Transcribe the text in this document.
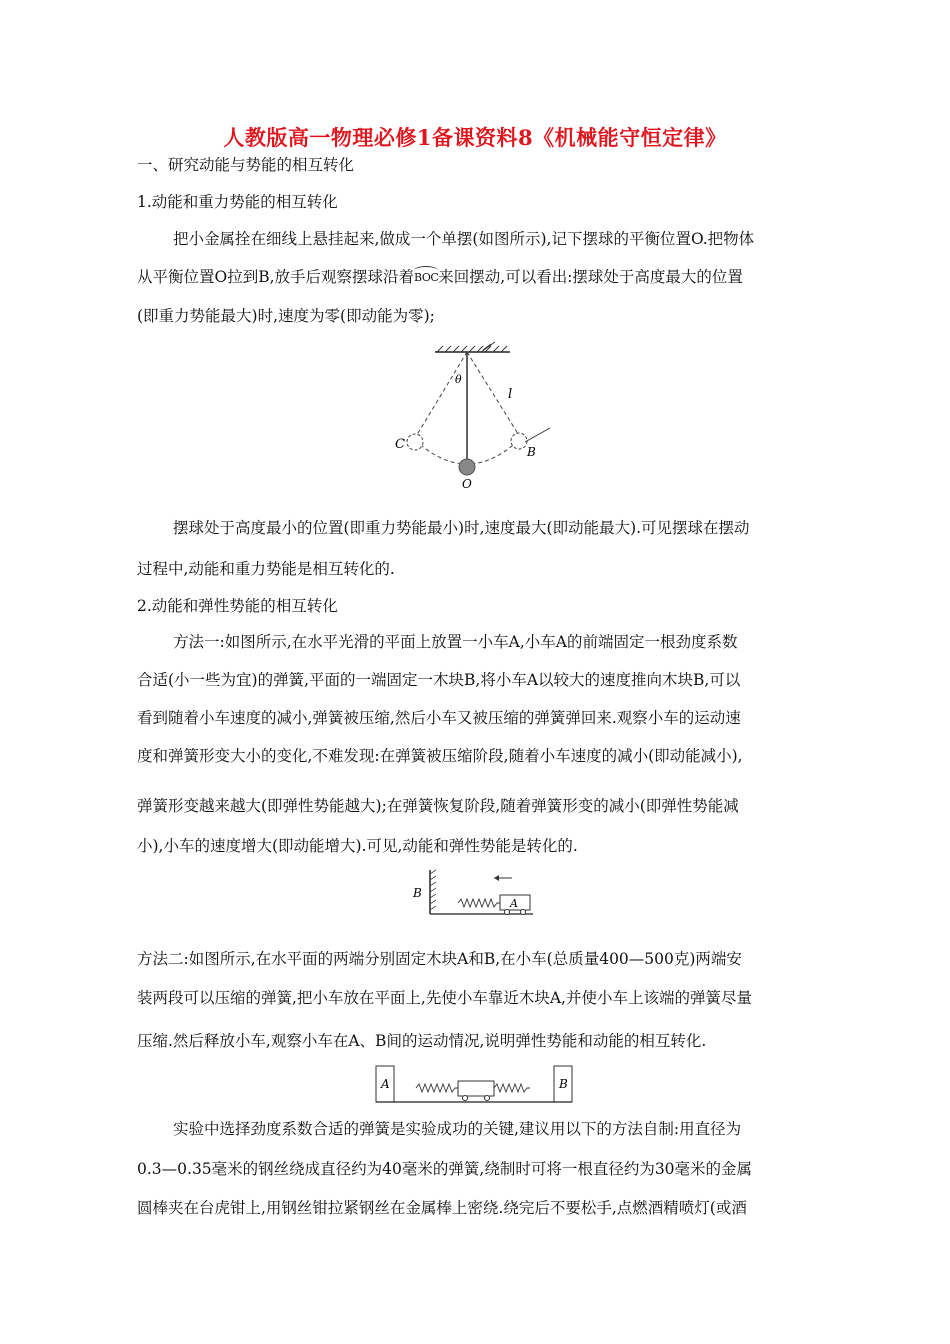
人教版高一物理必修1备课资料8《机械能守恒定律》
一、研究动能与势能的相互转化
1.动能和重力势能的相互转化
把小金属拴在细线上悬挂起来,做成一个单摆(如图所示),记下摆球的平衡位置O.把物体
从平衡位置O拉到B,放手后观察摆球沿着BOC来回摆动,可以看出:摆球处于高度最大的位置
(即重力势能最大)时,速度为零(即动能为零);
θ
l
C	B
O
摆球处于高度最小的位置(即重力势能最小)时,速度最大(即动能最大).可见摆球在摆动
过程中,动能和重力势能是相互转化的.
2.动能和弹性势能的相互转化
方法一:如图所示,在水平光滑的平面上放置一小车A,小车A的前端固定一根劲度系数
合适(小一些为宜)的弹簧,平面的一端固定一木块B,将小车A以较大的速度推向木块B,可以
看到随着小车速度的减小,弹簧被压缩,然后小车又被压缩的弹簧弹回来.观察小车的运动速
度和弹簧形变大小的变化,不难发现:在弹簧被压缩阶段,随着小车速度的减小(即动能减小),
弹簧形变越来越大(即弹性势能越大);在弹簧恢复阶段,随着弹簧形变的减小(即弹性势能减
小),小车的速度增大(即动能增大).可见,动能和弹性势能是转化的.
B
A
方法二:如图所示,在水平面的两端分别固定木块A和B,在小车(总质量400—500克)两端安
装两段可以压缩的弹簧,把小车放在平面上,先使小车靠近木块A,并使小车上该端的弹簧尽量
压缩.然后释放小车,观察小车在A、B间的运动情况,说明弹性势能和动能的相互转化.
A	B
实验中选择劲度系数合适的弹簧是实验成功的关键,建议用以下的方法自制:用直径为
0.3—0.35毫米的钢丝绕成直径约为40毫米的弹簧,绕制时可将一根直径约为30毫米的金属
圆棒夹在台虎钳上,用钢丝钳拉紧钢丝在金属棒上密绕.绕完后不要松手,点燃酒精喷灯(或酒
